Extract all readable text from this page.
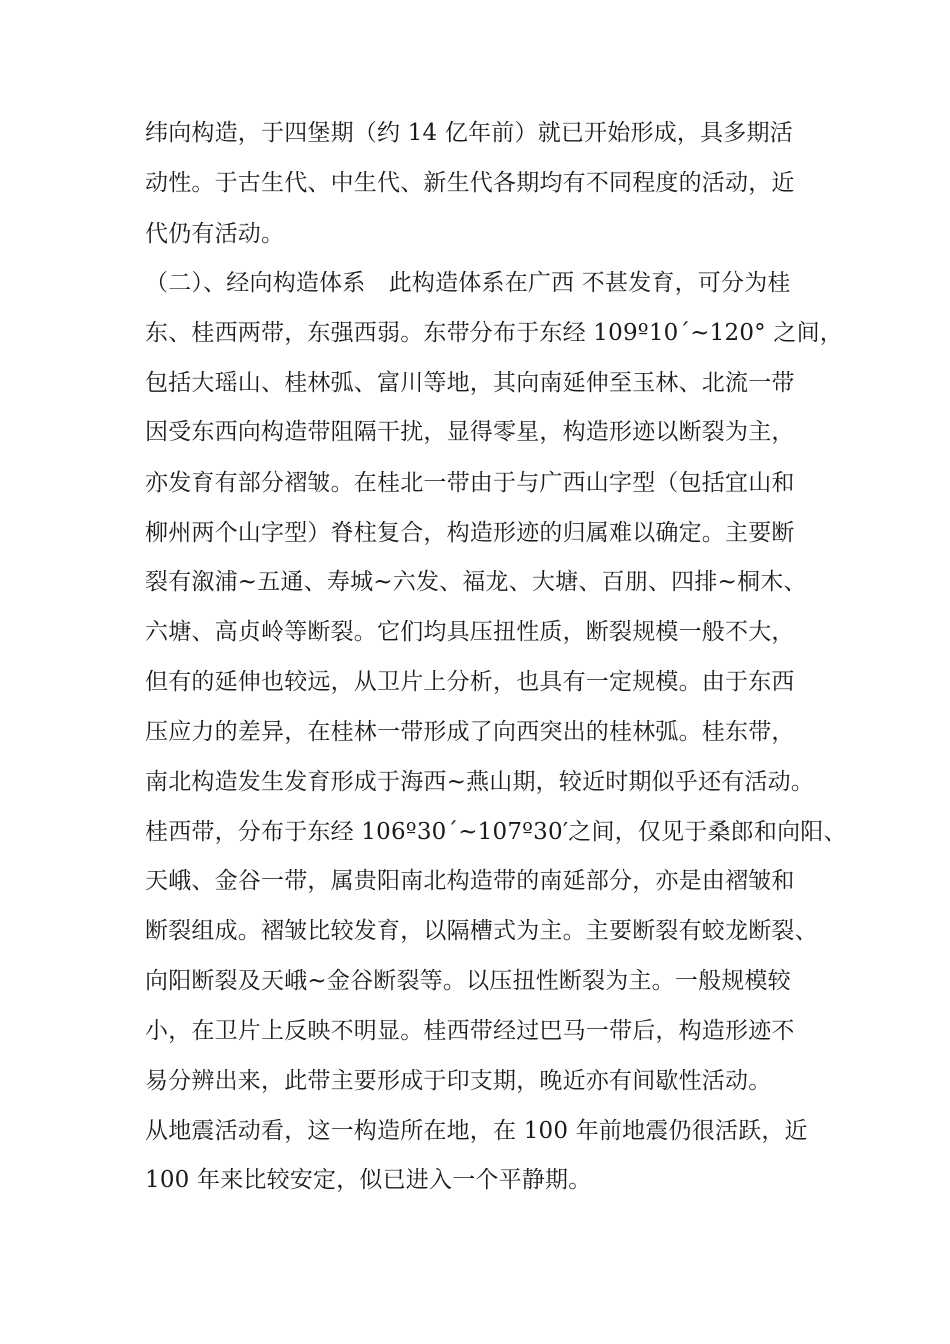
纬向构造，于四堡期（约 14 亿年前）就已开始形成，具多期活
动性。于古生代、中生代、新生代各期均有不同程度的活动，近
代仍有活动。
（二）、经向构造体系　此构造体系在广西 不甚发育，可分为桂
东、桂西两带，东强西弱。东带分布于东经 109º10ˊ~120° 之间，
包括大瑶山、桂林弧、富川等地，其向南延伸至玉林、北流一带
因受东西向构造带阻隔干扰，显得零星，构造形迹以断裂为主，
亦发育有部分褶皱。在桂北一带由于与广西山字型（包括宜山和
柳州两个山字型）脊柱复合，构造形迹的归属难以确定。主要断
裂有溆浦~五通、寿城~六发、福龙、大塘、百朋、四排~桐木、
六塘、高贞岭等断裂。它们均具压扭性质，断裂规模一般不大，
但有的延伸也较远，从卫片上分析，也具有一定规模。由于东西
压应力的差异，在桂林一带形成了向西突出的桂林弧。桂东带，
南北构造发生发育形成于海西~燕山期，较近时期似乎还有活动。
桂西带，分布于东经 106º30ˊ~107º30′之间，仅见于桑郎和向阳、
天峨、金谷一带，属贵阳南北构造带的南延部分，亦是由褶皱和
断裂组成。褶皱比较发育，以隔槽式为主。主要断裂有蛟龙断裂、
向阳断裂及天峨~金谷断裂等。以压扭性断裂为主。一般规模较
小，在卫片上反映不明显。桂西带经过巴马一带后，构造形迹不
易分辨出来，此带主要形成于印支期，晚近亦有间歇性活动。
从地震活动看，这一构造所在地，在 100 年前地震仍很活跃，近
100 年来比较安定，似已进入一个平静期。
